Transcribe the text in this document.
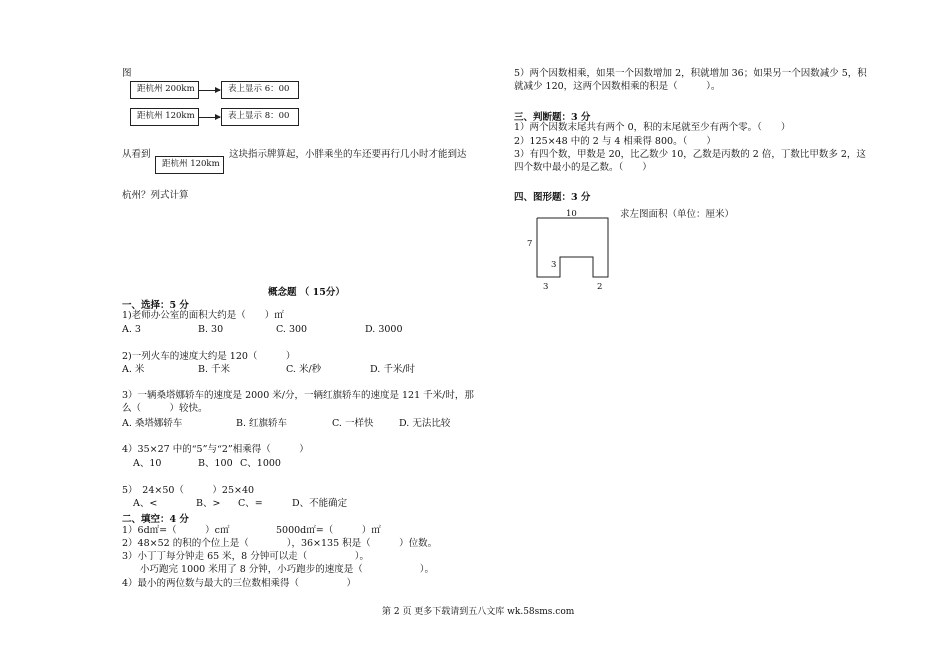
图
距杭州 200km	表上显示 6：00
距杭州 120km	表上显示 8：00
从看到
距杭州 120km
这块指示牌算起，小胖乘坐的车还要再行几小时才能到达
杭州？列式计算
概念题 （ 15分）
一、选择：5 分
1)老师办公室的面积大约是（　　）㎡
A. 3	B. 30	C. 300	D. 3000
2)一列火车的速度大约是 120（　　　）
A. 米	B. 千米	C. 米/秒	D. 千米/时
3）一辆桑塔娜轿车的速度是 2000 米/分，一辆红旗轿车的速度是 121 千米/时，那
么（　　　）较快。
A. 桑塔娜轿车	B. 红旗轿车	C. 一样快	D. 无法比较
4）35×27 中的“5”与“2”相乘得（　　　）
A、10	B、100 C、1000
5）　24×50（　　　）25×40
A、<	B、> C、=	D、不能确定
二、填空：4 分
1）6d㎡=（　　　）c㎡	5000d㎡=（　　　）㎡
2）48×52 的积的个位上是（　　　　），36×135 积是（　　　）位数。
3）小丁丁每分钟走 65 米，8 分钟可以走（　　　　　）。
小巧跑完 1000 米用了 8 分钟，小巧跑步的速度是（　　　　　　）。
4）最小的两位数与最大的三位数相乘得（　　　　　）
5）两个因数相乘，如果一个因数增加 2，积就增加 36；如果另一个因数减少 5，积
就减少 120，这两个因数相乘的积是（　　　）。
三、判断题：3 分
1）两个因数末尾共有两个 0，积的末尾就至少有两个零。（　　）
2）125×48 中的 2 与 4 相乘得 800。（　　）
3）有四个数，甲数是 20，比乙数少 10，乙数是丙数的 2 倍，丁数比甲数多 2，这
四个数中最小的是乙数。（　　）
四、图形题：3 分
求左图面积（单位：厘米）
10
7
3
3	2
第 2 页 更多下载请到五八文库 wk.58sms.com
